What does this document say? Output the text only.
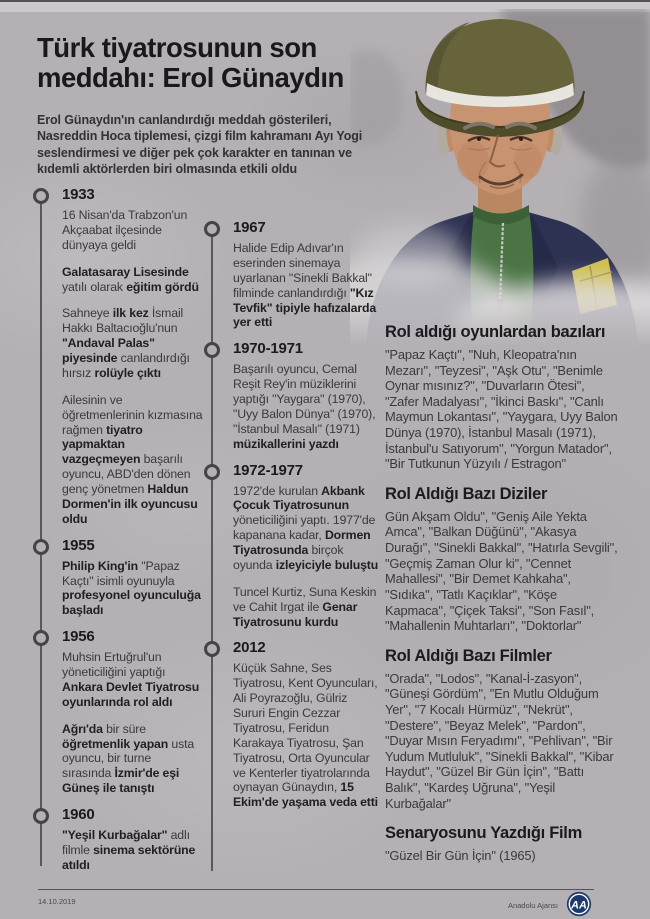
Türk tiyatrosunun son meddahı: Erol Günaydın
Erol Günaydın'ın canlandırdığı meddah gösterileri, Nasreddin Hoca tiplemesi, çizgi film kahramanı Ayı Yogi seslendirmesi ve diğer pek çok karakter en tanınan ve kıdemli aktörlerden biri olmasında etkili oldu
1933

16 Nisan'da Trabzon'un Akçaabat ilçesinde dünyaya geldi

Galatasaray Lisesinde yatılı olarak eğitim gördü

Sahneye ilk kez İsmail Hakkı Baltacıoğlu'nun "Andaval Palas" piyesinde canlandırdığı hırsız rolüyle çıktı

Ailesinin ve öğretmenlerinin kızmasına rağmen tiyatro yapmaktan vazgeçmeyen başarılı oyuncu, ABD'den dönen genç yönetmen Haldun Dormen'in ilk oyuncusu oldu

1955

Philip King'in "Papaz Kaçtı" isimli oyunuyla profesyonel oyunculuğa başladı

1956

Muhsin Ertuğrul'un yöneticiliğini yaptığı Ankara Devlet Tiyatrosu oyunlarında rol aldı

Ağrı'da bir süre öğretmenlik yapan usta oyuncu, bir turne sırasında İzmir'de eşi Güneş ile tanıştı

1960

"Yeşil Kurbağalar" adlı filmle sinema sektörüne atıldı

1967

Halide Edip Adıvar'ın eserinden sinemaya uyarlanan "Sinekli Bakkal" filminde canlandırdığı "Kız Tevfik" tipiyle hafızalarda yer etti

1970-1971

Başarılı oyuncu, Cemal Reşit Rey'in müziklerini yaptığı "Yaygara" (1970), "Uyy Balon Dünya" (1970), "İstanbul Masalı" (1971) müzikallerini yazdı

1972-1977

1972'de kurulan Akbank Çocuk Tiyatrosunun yöneticiliğini yaptı. 1977'de kapanana kadar, Dormen Tiyatrosunda birçok oyunda izleyiciyle buluştu

Tuncel Kurtiz, Suna Keskin ve Cahit Irgat ile Genar Tiyatrosunu kurdu

2012

Küçük Sahne, Ses Tiyatrosu, Kent Oyuncuları, Ali Poyrazoğlu, Gülriz Sururi Engin Cezzar Tiyatrosu, Feridun Karakaya Tiyatrosu, Şan Tiyatrosu, Orta Oyuncular ve Kenterler tiyatrolarında oynayan Günaydın, 15 Ekim'de yaşama veda etti

Rol aldığı oyunlardan bazıları

"Papaz Kaçtı", "Nuh, Kleopatra'nın Mezarı", "Teyzesi", "Aşk Otu", "Benimle Oynar mısınız?", "Duvarların Ötesi", "Zafer Madalyası", "İkinci Baskı", "Canlı Maymun Lokantası", "Yaygara, Uyy Balon Dünya (1970), İstanbul Masalı (1971), İstanbul'u Satıyorum", "Yorgun Matador", "Bir Tutkunun Yüzyılı / Estragon"

Rol Aldığı Bazı Diziler

Gün Akşam Oldu", "Geniş Aile Yekta Amca", "Balkan Düğünü", "Akasya Durağı", "Sinekli Bakkal", "Hatırla Sevgili", "Geçmiş Zaman Olur ki", "Cennet Mahallesi", "Bir Demet Kahkaha", "Sıdıka", "Tatlı Kaçıklar", "Köşe Kapmaca", "Çiçek Taksi", "Son Fasıl", "Mahallenin Muhtarları", "Doktorlar"

Rol Aldığı Bazı Filmler

"Orada", "Lodos", "Kanal-İ-zasyon", "Güneşi Gördüm", "En Mutlu Olduğum Yer", "7 Kocalı Hürmüz", "Nekrüt", "Destere", "Beyaz Melek", "Pardon", "Duyar Mısın Feryadımı", "Pehlivan", "Bir Yudum Mutluluk", "Sinekli Bakkal", "Kibar Haydut", "Güzel Bir Gün İçin", "Battı Balık", "Kardeş Uğruna", "Yeşil Kurbağalar"

Senaryosunu Yazdığı Film

"Güzel Bir Gün İçin" (1965)

14.10.2019	Anadolu Ajansı AA
